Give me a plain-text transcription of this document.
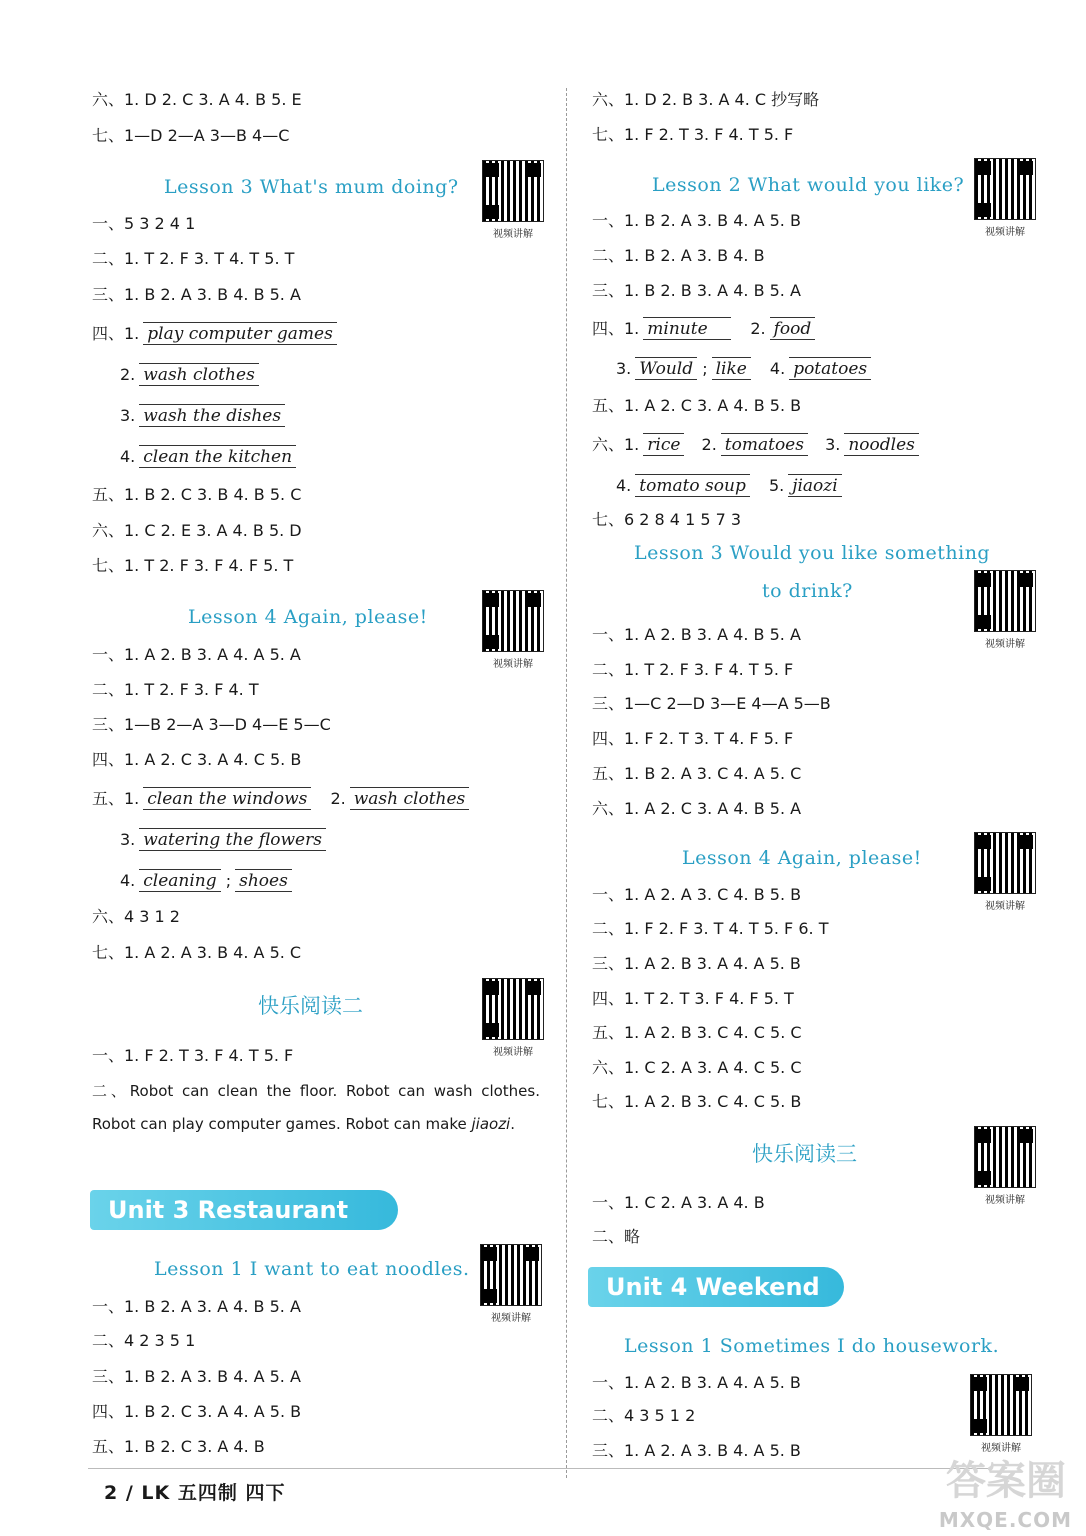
六、1. D 2. C 3. A 4. B 5. E
七、1—D 2—A 3—B 4—C
Lesson 3 What's mum doing?
视频讲解
一、5 3 2 4 1
二、1. T 2. F 3. T 4. T 5. T
三、1. B 2. A 3. B 4. B 5. A
四、1. play computer games
2. wash clothes
3. wash the dishes
4. clean the kitchen
五、1. B 2. C 3. B 4. B 5. C
六、1. C 2. E 3. A 4. B 5. D
七、1. T 2. F 3. F 4. F 5. T
Lesson 4 Again, please!
视频讲解
一、1. A 2. B 3. A 4. A 5. A
二、1. T 2. F 3. F 4. T
三、1—B 2—A 3—D 4—E 5—C
四、1. A 2. C 3. A 4. C 5. B
五、1. clean the windows 2. wash clothes
3. watering the flowers
4. cleaning ; shoes
六、4 3 1 2
七、1. A 2. A 3. B 4. A 5. C
快乐阅读二
视频讲解
一、1. F 2. T 3. F 4. T 5. F
二、Robot can clean the floor. Robot can wash clothes. Robot can play computer games. Robot can make jiaozi.
Unit 3 Restaurant
Lesson 1 I want to eat noodles.
视频讲解
一、1. B 2. A 3. A 4. B 5. A
二、4 2 3 5 1
三、1. B 2. A 3. B 4. A 5. A
四、1. B 2. C 3. A 4. A 5. B
五、1. B 2. C 3. A 4. B
六、1. D 2. B 3. A 4. C 抄写略
七、1. F 2. T 3. F 4. T 5. F
Lesson 2 What would you like?
视频讲解
一、1. B 2. A 3. B 4. A 5. B
二、1. B 2. A 3. B 4. B
三、1. B 2. B 3. A 4. B 5. A
四、1. minute	2. food
3. Would ; like 4. potatoes
五、1. A 2. C 3. A 4. B 5. B
六、1. rice 2. tomatoes 3. noodles
4. tomato soup 5. jiaozi
七、6 2 8 4 1 5 7 3
Lesson 3 Would you like something
to drink?
视频讲解
一、1. A 2. B 3. A 4. B 5. A
二、1. T 2. F 3. F 4. T 5. F
三、1—C 2—D 3—E 4—A 5—B
四、1. F 2. T 3. T 4. F 5. F
五、1. B 2. A 3. C 4. A 5. C
六、1. A 2. C 3. A 4. B 5. A
Lesson 4 Again, please!
视频讲解
一、1. A 2. A 3. C 4. B 5. B
二、1. F 2. F 3. T 4. T 5. F 6. T
三、1. A 2. B 3. A 4. A 5. B
四、1. T 2. T 3. F 4. F 5. T
五、1. A 2. B 3. C 4. C 5. C
六、1. C 2. A 3. A 4. C 5. C
七、1. A 2. B 3. C 4. C 5. B
快乐阅读三
视频讲解
一、1. C 2. A 3. A 4. B
二、略
Unit 4 Weekend
Lesson 1 Sometimes I do housework.
视频讲解
一、1. A 2. B 3. A 4. A 5. B
二、4 3 5 1 2
三、1. A 2. A 3. B 4. A 5. B
2 / LK 五四制 四下	答案圈
MXQE.COM
